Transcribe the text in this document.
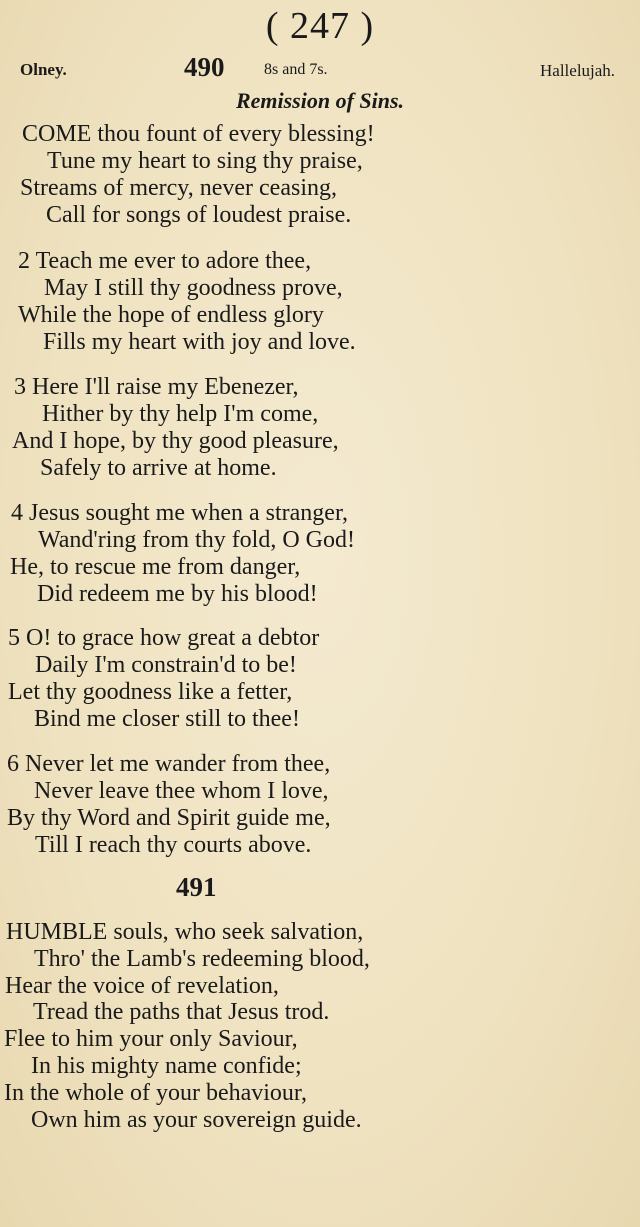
( 247 )
Olney.	490 8s and 7s.	Hallelujah.
Remission of Sins.
COME thou fount of every blessing!
Tune my heart to sing thy praise,
Streams of mercy, never ceasing,
Call for songs of loudest praise.
2 Teach me ever to adore thee,
May I still thy goodness prove,
While the hope of endless glory
Fills my heart with joy and love.
3 Here I'll raise my Ebenezer,
Hither by thy help I'm come,
And I hope, by thy good pleasure,
Safely to arrive at home.
4 Jesus sought me when a stranger,
Wand'ring from thy fold, O God!
He, to rescue me from danger,
Did redeem me by his blood!
5 O! to grace how great a debtor
Daily I'm constrain'd to be!
Let thy goodness like a fetter,
Bind me closer still to thee!
6 Never let me wander from thee,
Never leave thee whom I love,
By thy Word and Spirit guide me,
Till I reach thy courts above.
491
HUMBLE souls, who seek salvation,
Thro' the Lamb's redeeming blood,
Hear the voice of revelation,
Tread the paths that Jesus trod.
Flee to him your only Saviour,
In his mighty name confide;
In the whole of your behaviour,
Own him as your sovereign guide.
